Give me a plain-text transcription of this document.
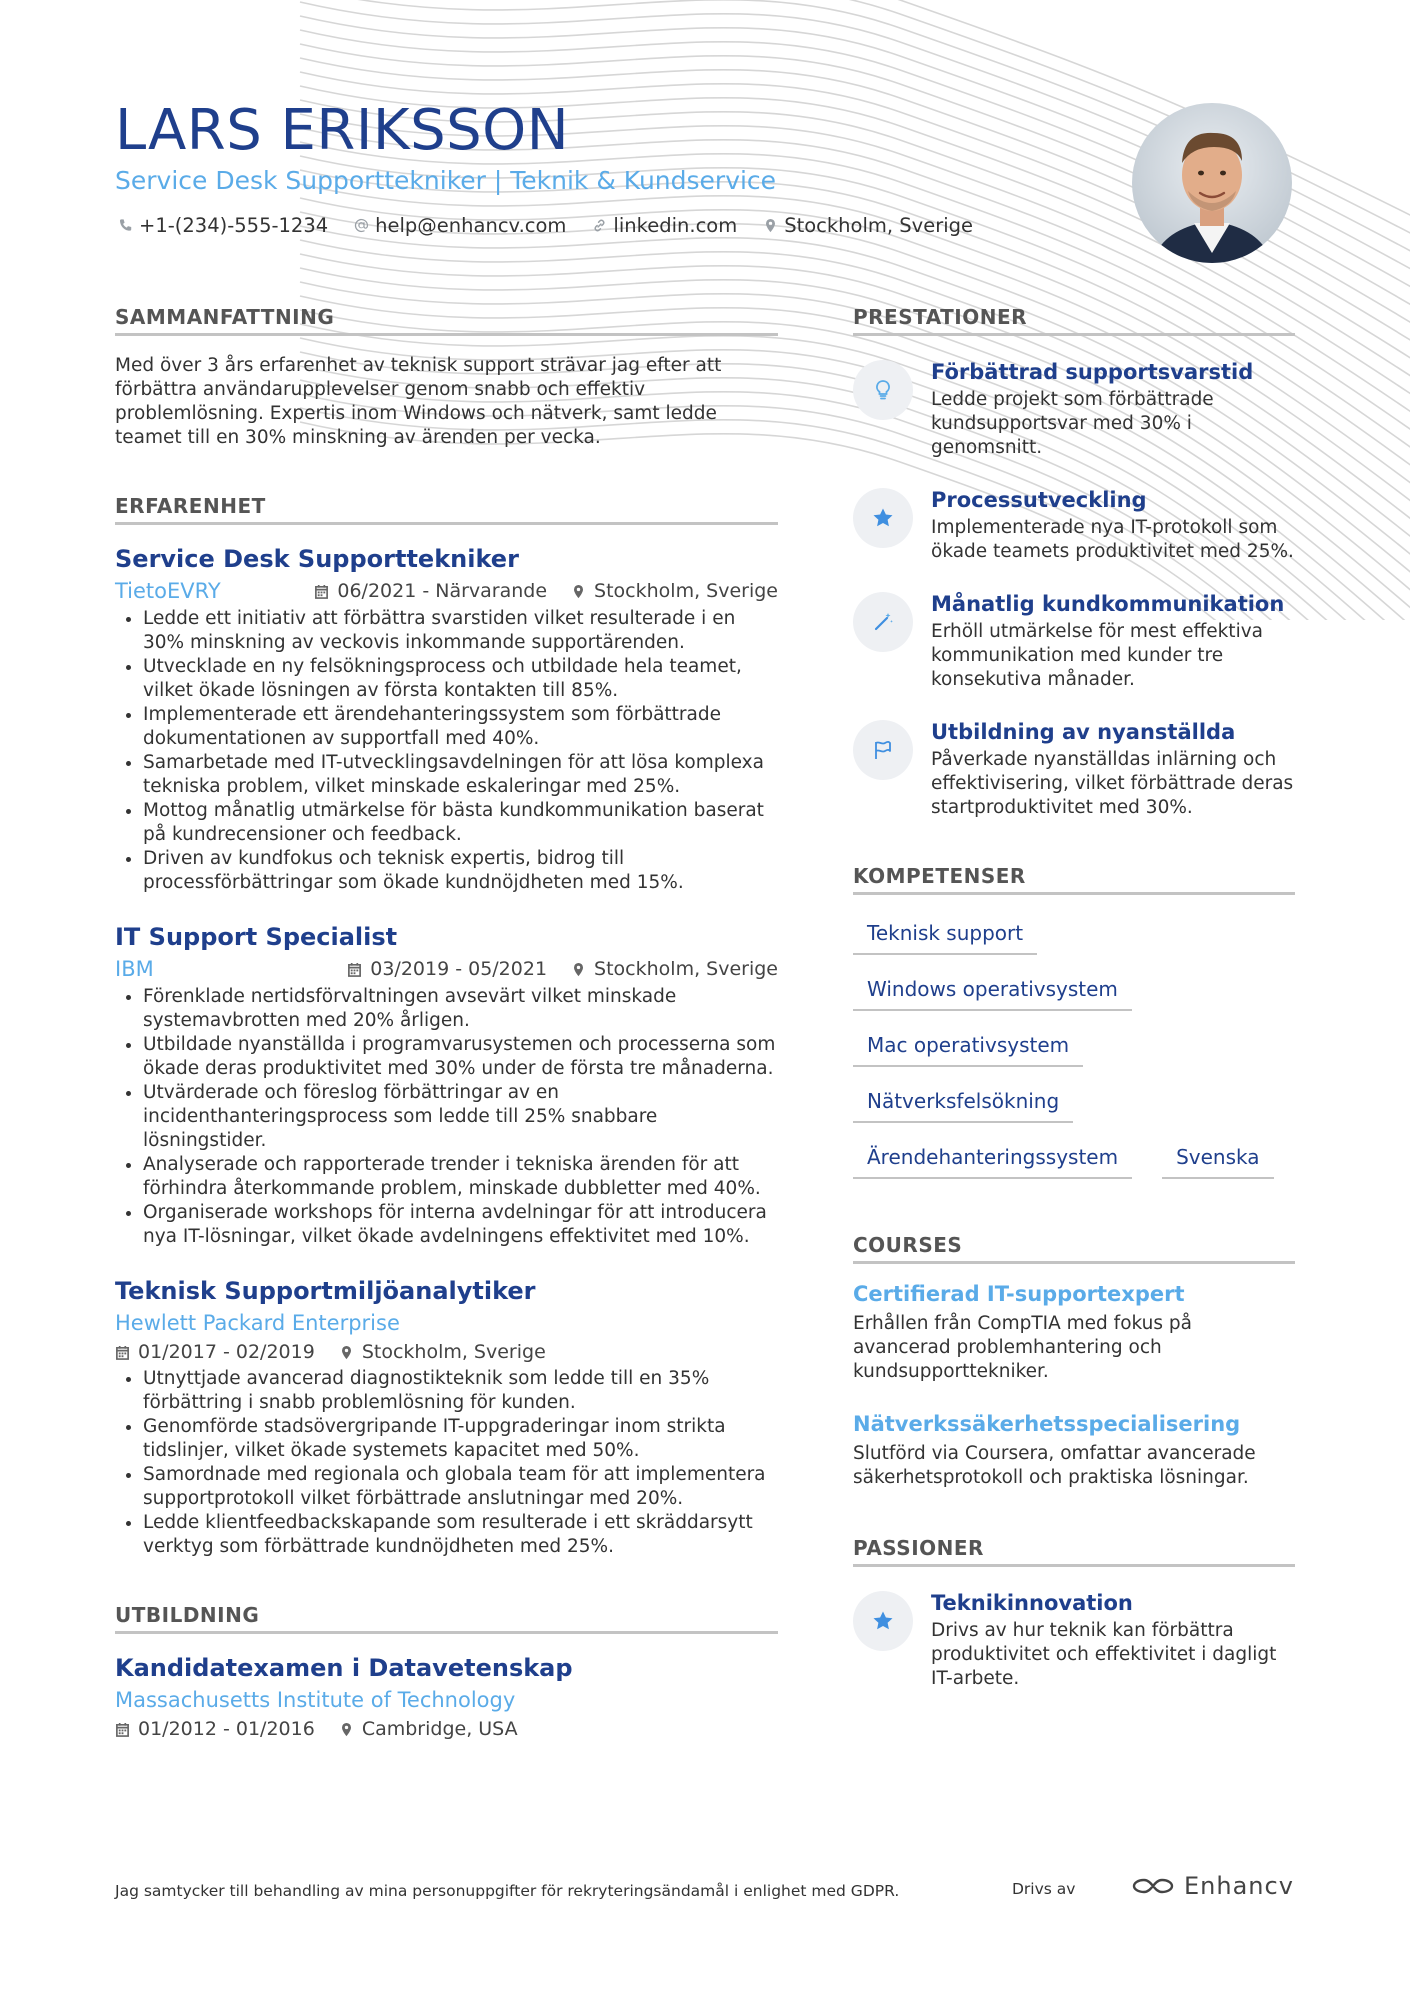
LARS ERIKSSON

Service Desk Supporttekniker | Teknik & Kundservice

+1-(234)-555-1234 help@enhancv.com linkedin.com Stockholm, Sverige
SAMMANFATTNING

Med över 3 års erfarenhet av teknisk support strävar jag efter att förbättra användarupplevelser genom snabb och effektiv problemlösning. Expertis inom Windows och nätverk, samt ledde teamet till en 30% minskning av ärenden per vecka.

ERFARENHET
Service Desk Supporttekniker
TietoEVRY	06/2021 - Närvarande Stockholm, Sverige
• Ledde ett initiativ att förbättra svarstiden vilket resulterade i en 30% minskning av veckovis inkommande supportärenden.
• Utvecklade en ny felsökningsprocess och utbildade hela teamet, vilket ökade lösningen av första kontakten till 85%.
• Implementerade ett ärendehanteringssystem som förbättrade dokumentationen av supportfall med 40%.
• Samarbetade med IT-utvecklingsavdelningen för att lösa komplexa tekniska problem, vilket minskade eskaleringar med 25%.
• Mottog månatlig utmärkelse för bästa kundkommunikation baserat på kundrecensioner och feedback.
• Driven av kundfokus och teknisk expertis, bidrog till processförbättringar som ökade kundnöjdheten med 15%.
IT Support Specialist
IBM	03/2019 - 05/2021 Stockholm, Sverige
• Förenklade nertidsförvaltningen avsevärt vilket minskade systemavbrotten med 20% årligen.
• Utbildade nyanställda i programvarusystemen och processerna som ökade deras produktivitet med 30% under de första tre månaderna.
• Utvärderade och föreslog förbättringar av en incidenthanteringsprocess som ledde till 25% snabbare lösningstider.
• Analyserade och rapporterade trender i tekniska ärenden för att förhindra återkommande problem, minskade dubbletter med 40%.
• Organiserade workshops för interna avdelningar för att introducera nya IT-lösningar, vilket ökade avdelningens effektivitet med 10%.
Teknisk Supportmiljöanalytiker
Hewlett Packard Enterprise
01/2017 - 02/2019 Stockholm, Sverige
• Utnyttjade avancerad diagnostikteknik som ledde till en 35% förbättring i snabb problemlösning för kunden.
• Genomförde stadsövergripande IT-uppgraderingar inom strikta tidslinjer, vilket ökade systemets kapacitet med 50%.
• Samordnade med regionala och globala team för att implementera supportprotokoll vilket förbättrade anslutningar med 20%.
• Ledde klientfeedbackskapande som resulterade i ett skräddarsytt verktyg som förbättrade kundnöjdheten med 25%.
UTBILDNING
Kandidatexamen i Datavetenskap
Massachusetts Institute of Technology
01/2012 - 01/2016 Cambridge, USA
PRESTATIONER
Förbättrad supportsvarstid

Ledde projekt som förbättrade kundsupportsvar med 30% i genomsnitt.

Processutveckling

Implementerade nya IT-protokoll som ökade teamets produktivitet med 25%.

Månatlig kundkommunikation

Erhöll utmärkelse för mest effektiva kommunikation med kunder tre konsekutiva månader.

Utbildning av nyanställda

Påverkade nyanställdas inlärning och effektivisering, vilket förbättrade deras startproduktivitet med 30%.

KOMPETENSER
Teknisk support
Windows operativsystem
Mac operativsystem
Nätverksfelsökning
Ärendehanteringssystem	Svenska
COURSES
Certifierad IT-supportexpert

Erhållen från CompTIA med fokus på avancerad problemhantering och kundsupporttekniker.

Nätverkssäkerhetsspecialisering

Slutförd via Coursera, omfattar avancerade säkerhetsprotokoll och praktiska lösningar.

PASSIONER
Teknikinnovation

Drivs av hur teknik kan förbättra produktivitet och effektivitet i dagligt IT-arbete.

Jag samtycker till behandling av mina personuppgifter för rekryteringsändamål i enlighet med GDPR.	Drivs av	Enhancv
